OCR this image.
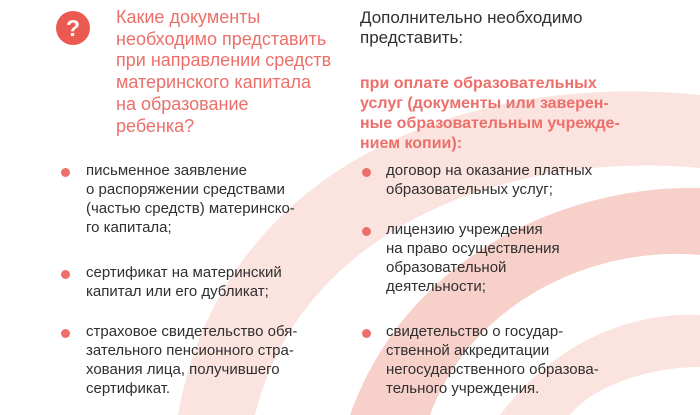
?	Какие документы
необходимо представить
при направлении средств
материнского капитала
на образование
ребенка?
письменное заявление
о распоряжении средствами
(частью средств) материнско-
го капитала;
сертификат на материнский
капитал или его дубликат;
страховое свидетельство обя-
зательного пенсионного стра-
хования лица, получившего
сертификат.
Дополнительно необходимо
представить:
при оплате образовательных
услуг (документы или заверен-
ные образовательным учрежде-
нием копии):
договор на оказание платных
образовательных услуг;
лицензию учреждения
на право осуществления
образовательной
деятельности;
свидетельство о государ-
ственной аккредитации
негосударственного образова-
тельного учреждения.
